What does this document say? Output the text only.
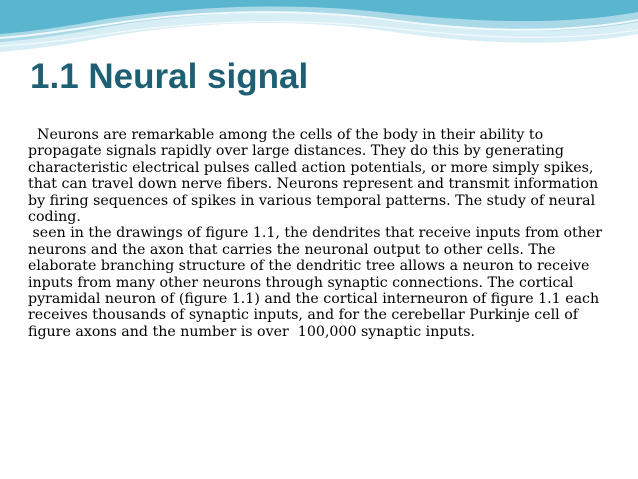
1.1 Neural signal

Neurons are remarkable among the cells of the body in their ability to propagate signals rapidly over large distances. They do this by generating characteristic electrical pulses called action potentials, or more simply spikes, that can travel down nerve fibers. Neurons represent and transmit information by firing sequences of spikes in various temporal patterns. The study of neural coding.

seen in the drawings of figure 1.1, the dendrites that receive inputs from other neurons and the axon that carries the neuronal output to other cells. The elaborate branching structure of the dendritic tree allows a neuron to receive inputs from many other neurons through synaptic connections. The cortical pyramidal neuron of (figure 1.1) and the cortical interneuron of figure 1.1 each receives thousands of synaptic inputs, and for the cerebellar Purkinje cell of figure axons and the number is over  100,000 synaptic inputs.
